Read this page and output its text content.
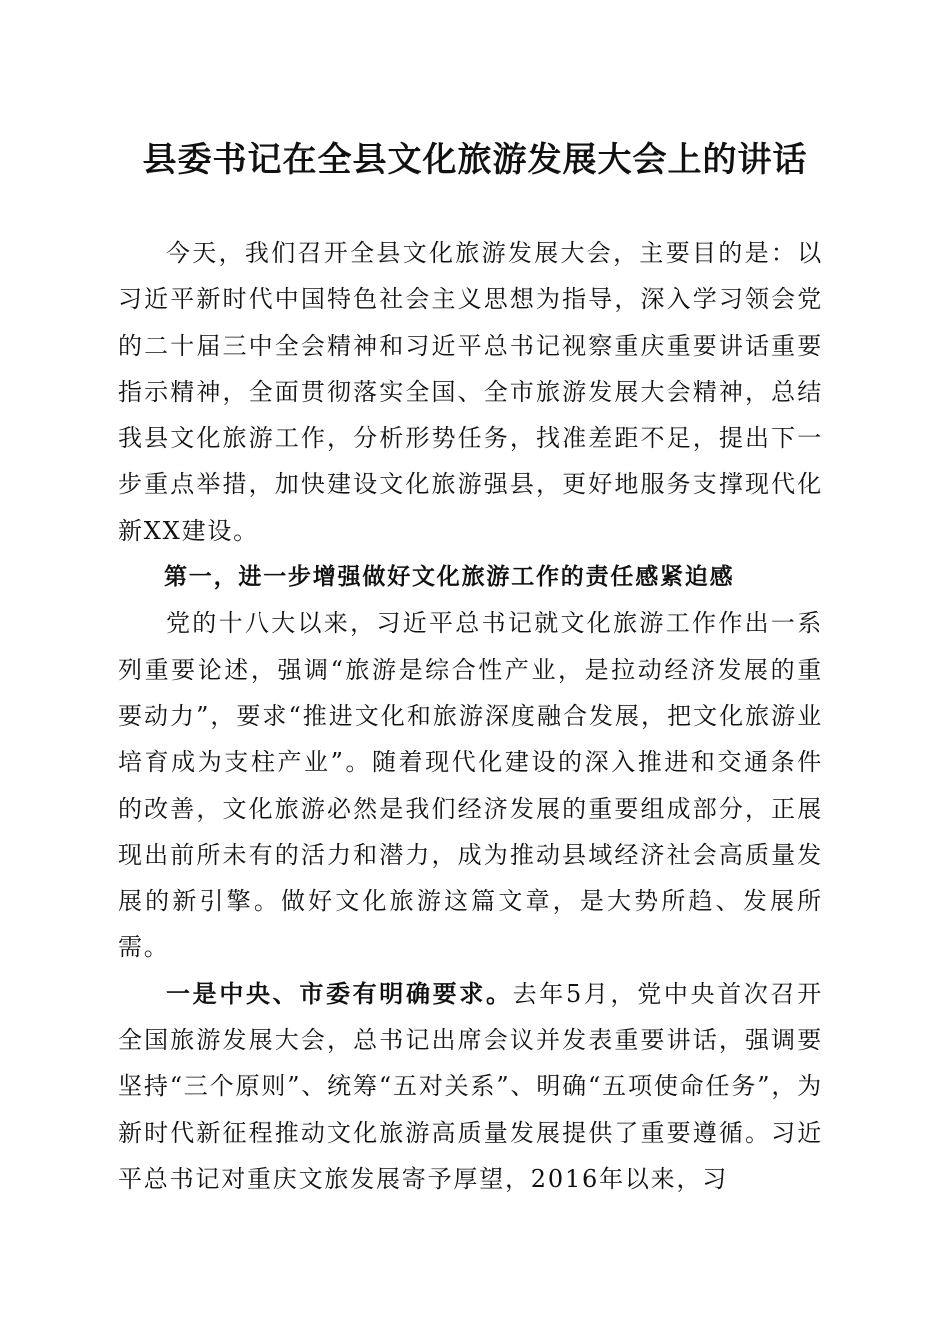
县委书记在全县文化旅游发展大会上的讲话

今天，我们召开全县文化旅游发展大会，主要目的是：以习近平新时代中国特色社会主义思想为指导，深入学习领会党的二十届三中全会精神和习近平总书记视察重庆重要讲话重要指示精神，全面贯彻落实全国、全市旅游发展大会精神，总结我县文化旅游工作，分析形势任务，找准差距不足，提出下一步重点举措，加快建设文化旅游强县，更好地服务支撑现代化新XX建设。

第一，进一步增强做好文化旅游工作的责任感紧迫感

党的十八大以来，习近平总书记就文化旅游工作作出一系列重要论述，强调“旅游是综合性产业，是拉动经济发展的重要动力”，要求“推进文化和旅游深度融合发展，把文化旅游业培育成为支柱产业”。随着现代化建设的深入推进和交通条件的改善，文化旅游必然是我们经济发展的重要组成部分，正展现出前所未有的活力和潜力，成为推动县域经济社会高质量发展的新引擎。做好文化旅游这篇文章，是大势所趋、发展所需。

一是中央、市委有明确要求。去年5月，党中央首次召开全国旅游发展大会，总书记出席会议并发表重要讲话，强调要坚持“三个原则”、统筹“五对关系”、明确“五项使命任务”，为新时代新征程推动文化旅游高质量发展提供了重要遵循。习近平总书记对重庆文旅发展寄予厚望，2016年以来，习
